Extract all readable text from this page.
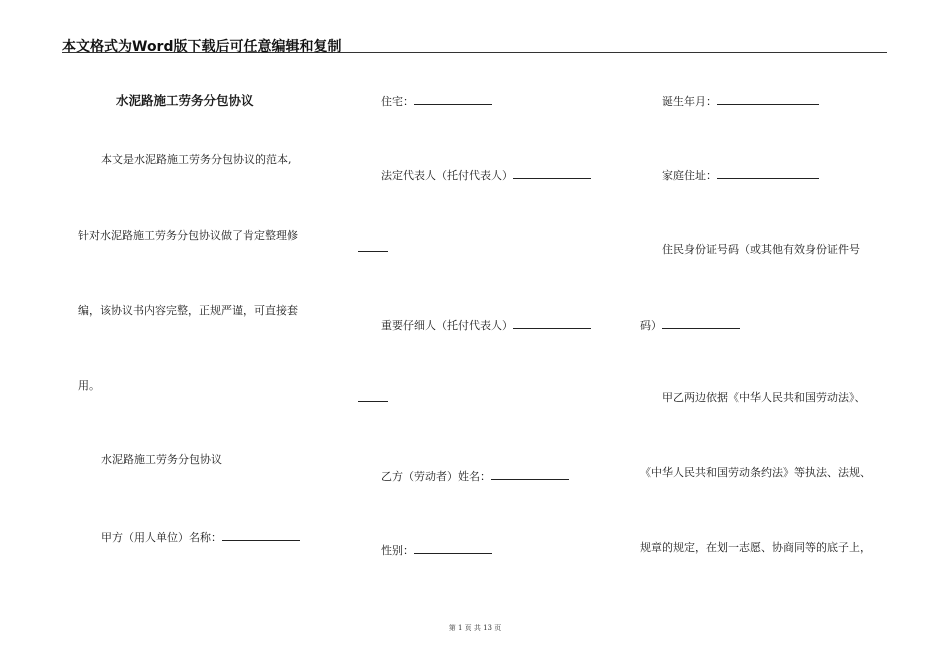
本文格式为Word版下载后可任意编辑和复制
水泥路施工劳务分包协议
本文是水泥路施工劳务分包协议的范本,
针对水泥路施工劳务分包协议做了肯定整理修
编，该协议书内容完整，正规严谨，可直接套
用。
水泥路施工劳务分包协议
甲方（用人单位）名称：
住宅：
法定代表人（托付代表人）
重要仔细人（托付代表人）
乙方（劳动者）姓名：
性别：
诞生年月：
家庭住址：
住民身份证号码（或其他有效身份证件号
码）
甲乙两边依据《中华人民共和国劳动法》、
《中华人民共和国劳动条约法》等执法、法规、
规章的规定，在划一志愿、协商同等的底子上，
第 1 页 共 13 页
